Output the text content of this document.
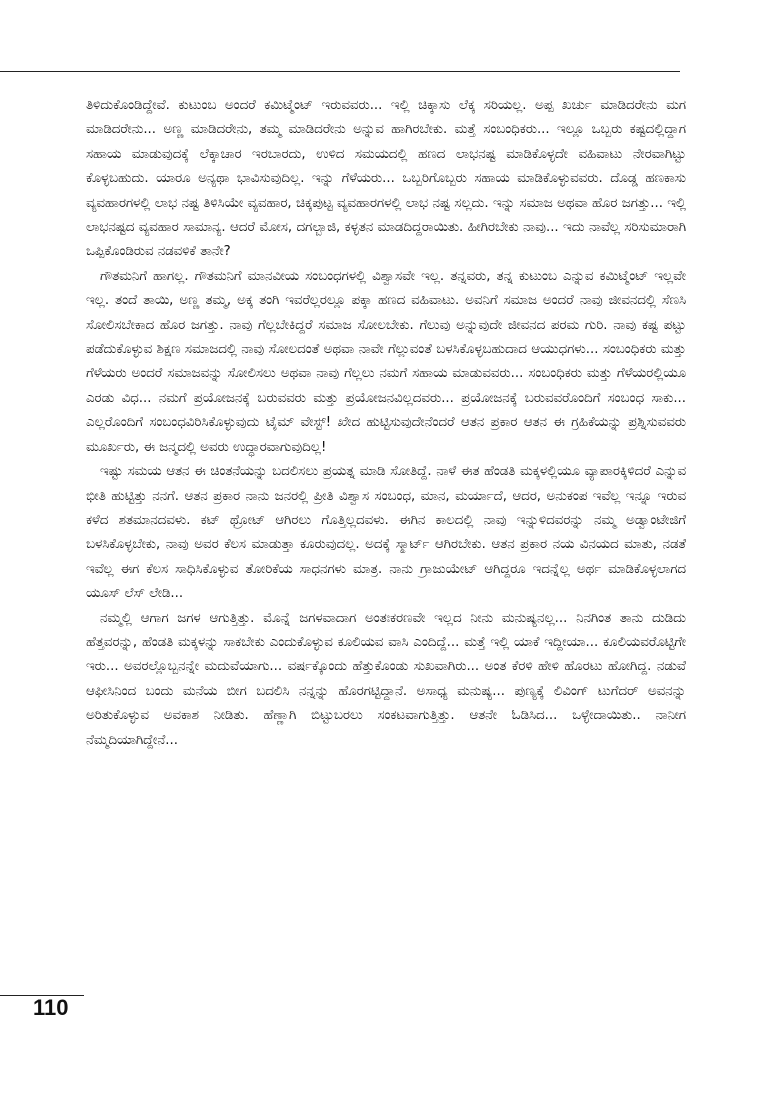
ತಿಳಿದುಕೊಂಡಿದ್ದೇವೆ. ಕುಟುಂಬ ಅಂದರೆ ಕಮಿಟ್ಮೆಂಟ್ ಇರುವವರು... ಇಲ್ಲಿ ಚಿಕ್ಕಾಸು ಲೆಕ್ಕ ಸರಿಯಲ್ಲ. ಅಪ್ಪ ಖರ್ಚು ಮಾಡಿದರೇನು ಮಗ ಮಾಡಿದರೇನು... ಅಣ್ಣ ಮಾಡಿದರೇನು, ತಮ್ಮ ಮಾಡಿದರೇನು ಅನ್ನುವ ಹಾಗಿರಬೇಕು. ಮತ್ತೆ ಸಂಬಂಧಿಕರು... ಇಲ್ಲೂ ಒಬ್ಬರು ಕಷ್ಟದಲ್ಲಿದ್ದಾಗ ಸಹಾಯ ಮಾಡುವುದಕ್ಕೆ ಲೆಕ್ಕಾಚಾರ ಇರಬಾರದು, ಉಳಿದ ಸಮಯದಲ್ಲಿ ಹಣದ ಲಾಭನಷ್ಟ ಮಾಡಿಕೊಳ್ಳದೇ ವಹಿವಾಟು ನೇರವಾಗಿಟ್ಟು ಕೊಳ್ಳಬಹುದು. ಯಾರೂ ಅನ್ಯಥಾ ಭಾವಿಸುವುದಿಲ್ಲ. ಇನ್ನು ಗೆಳೆಯರು... ಒಬ್ಬರಿಗೊಬ್ಬರು ಸಹಾಯ ಮಾಡಿಕೊಳ್ಳುವವರು. ದೊಡ್ಡ ಹಣಕಾಸು ವ್ಯವಹಾರಗಳಲ್ಲಿ ಲಾಭ ನಷ್ಟ ತಿಳಿಸಿಯೇ ವ್ಯವಹಾರ, ಚಿಕ್ಕಪುಟ್ಟ ವ್ಯವಹಾರಗಳಲ್ಲಿ ಲಾಭ ನಷ್ಟ ಸಲ್ಲದು. ಇನ್ನು ಸಮಾಜ ಅಥವಾ ಹೊರ ಜಗತ್ತು... ಇಲ್ಲಿ ಲಾಭನಷ್ಟದ ವ್ಯವಹಾರ ಸಾಮಾನ್ಯ. ಆದರೆ ಮೋಸ, ದಗಲ್ಬಾಜಿ, ಕಳ್ಳತನ ಮಾಡದಿದ್ದರಾಯಿತು. ಹೀಗಿರಬೇಕು ನಾವು... ಇದು ನಾವೆಲ್ಲ ಸರಿಸುಮಾರಾಗಿ ಒಪ್ಪಿಕೊಂಡಿರುವ ನಡವಳಿಕೆ ತಾನೇ?

ಗೌತಮನಿಗೆ ಹಾಗಲ್ಲ. ಗೌತಮನಿಗೆ ಮಾನವೀಯ ಸಂಬಂಧಗಳಲ್ಲಿ ವಿಶ್ವಾಸವೇ ಇಲ್ಲ. ತನ್ನವರು, ತನ್ನ ಕುಟುಂಬ ಎನ್ನುವ ಕಮಿಟ್ಮೆಂಟ್ ಇಲ್ಲವೇ ಇಲ್ಲ. ತಂದೆ ತಾಯಿ, ಅಣ್ಣ ತಮ್ಮ, ಅಕ್ಕ ತಂಗಿ ಇವರೆಲ್ಲರಲ್ಲೂ ಪಕ್ಕಾ ಹಣದ ವಹಿವಾಟು. ಅವನಿಗೆ ಸಮಾಜ ಅಂದರೆ ನಾವು ಜೀವನದಲ್ಲಿ ಸೆಣಸಿ ಸೋಲಿಸಬೇಕಾದ ಹೊರ ಜಗತ್ತು. ನಾವು ಗೆಲ್ಲಬೇಕಿದ್ದರೆ ಸಮಾಜ ಸೋಲಬೇಕು. ಗೆಲುವು ಅನ್ನುವುದೇ ಜೀವನದ ಪರಮ ಗುರಿ. ನಾವು ಕಷ್ಟ ಪಟ್ಟು ಪಡೆದುಕೊಳ್ಳುವ ಶಿಕ್ಷಣ ಸಮಾಜದಲ್ಲಿ ನಾವು ಸೋಲದಂತೆ ಅಥವಾ ನಾವೇ ಗೆಲ್ಲುವಂತೆ ಬಳಸಿಕೊಳ್ಳಬಹುದಾದ ಆಯುಧಗಳು... ಸಂಬಂಧಿಕರು ಮತ್ತು ಗೆಳೆಯರು ಅಂದರೆ ಸಮಾಜವನ್ನು ಸೋಲಿಸಲು ಅಥವಾ ನಾವು ಗೆಲ್ಲಲು ನಮಗೆ ಸಹಾಯ ಮಾಡುವವರು... ಸಂಬಂಧಿಕರು ಮತ್ತು ಗೆಳೆಯರಲ್ಲಿಯೂ ಎರಡು ವಿಧ... ನಮಗೆ ಪ್ರಯೋಜನಕ್ಕೆ ಬರುವವರು ಮತ್ತು ಪ್ರಯೋಜನವಿಲ್ಲದವರು... ಪ್ರಯೋಜನಕ್ಕೆ ಬರುವವರೊಂದಿಗೆ ಸಂಬಂಧ ಸಾಕು... ಎಲ್ಲರೊಂದಿಗೆ ಸಂಬಂಧವಿರಿಸಿಕೊಳ್ಳುವುದು ಟೈಮ್ ವೇಸ್ಟ್! ಖೇದ ಹುಟ್ಟಿಸುವುದೇನೆಂದರೆ ಆತನ ಪ್ರಕಾರ ಆತನ ಈ ಗ್ರಹಿಕೆಯನ್ನು ಪ್ರಶ್ನಿಸುವವರು ಮೂರ್ಖರು, ಈ ಜನ್ಮದಲ್ಲಿ ಅವರು ಉದ್ಧಾರವಾಗುವುದಿಲ್ಲ!

ಇಷ್ಟು ಸಮಯ ಆತನ ಈ ಚಿಂತನೆಯನ್ನು ಬದಲಿಸಲು ಪ್ರಯತ್ನ ಮಾಡಿ ಸೋತಿದ್ದೆ. ನಾಳೆ ಈತ ಹೆಂಡತಿ ಮಕ್ಕಳಲ್ಲಿಯೂ ವ್ಯಾಪಾರಕ್ಕಿಳಿದರೆ ಎನ್ನುವ ಭೀತಿ ಹುಟ್ಟಿತ್ತು ನನಗೆ. ಆತನ ಪ್ರಕಾರ ನಾನು ಜನರಲ್ಲಿ ಪ್ರೀತಿ ವಿಶ್ವಾಸ ಸಂಬಂಧ, ಮಾನ, ಮರ್ಯಾದೆ, ಆದರ, ಅನುಕಂಪ ಇವೆಲ್ಲ ಇನ್ನೂ ಇರುವ ಕಳೆದ ಶತಮಾನದವಳು. ಕಟ್ ಥ್ರೋಟ್ ಆಗಿರಲು ಗೊತ್ತಿಲ್ಲದವಳು. ಈಗಿನ ಕಾಲದಲ್ಲಿ ನಾವು ಇನ್ನುಳಿದವರನ್ನು ನಮ್ಮ ಅಡ್ವಾಂಟೇಜಿಗೆ ಬಳಸಿಕೊಳ್ಳಬೇಕು, ನಾವು ಅವರ ಕೆಲಸ ಮಾಡುತ್ತಾ ಕೂರುವುದಲ್ಲ. ಅದಕ್ಕೆ ಸ್ಮಾರ್ಟ್ ಆಗಿರಬೇಕು. ಆತನ ಪ್ರಕಾರ ನಯ ವಿನಯದ ಮಾತು, ನಡತೆ ಇವೆಲ್ಲ ಈಗ ಕೆಲಸ ಸಾಧಿಸಿಕೊಳ್ಳುವ ತೋರಿಕೆಯ ಸಾಧನಗಳು ಮಾತ್ರ. ನಾನು ಗ್ರಾಜುಯೇಟ್ ಆಗಿದ್ದರೂ ಇದನ್ನೆಲ್ಲ ಅರ್ಥ ಮಾಡಿಕೊಳ್ಳಲಾಗದ ಯೂಸ್ ಲೆಸ್ ಲೇಡಿ...

ನಮ್ಮಲ್ಲಿ ಆಗಾಗ ಜಗಳ ಆಗುತ್ತಿತ್ತು. ಮೊನ್ನೆ ಜಗಳವಾದಾಗ ಅಂತಃಕರಣವೇ ಇಲ್ಲದ ನೀನು ಮನುಷ್ಯನಲ್ಲ... ನಿನಗಿಂತ ತಾನು ದುಡಿದು ಹೆತ್ತವರನ್ನು, ಹೆಂಡತಿ ಮಕ್ಕಳನ್ನು ಸಾಕಬೇಕು ಎಂದುಕೊಳ್ಳುವ ಕೂಲಿಯವ ವಾಸಿ ಎಂದಿದ್ದೆ... ಮತ್ತೆ ಇಲ್ಲಿ ಯಾಕೆ ಇದ್ದೀಯಾ... ಕೂಲಿಯವರೊಟ್ಟಿಗೇ ಇರು... ಅವರಲ್ಲೊಬ್ಬನನ್ನೇ ಮದುವೆಯಾಗು... ವರ್ಷಕ್ಕೊಂದು ಹೆತ್ತುಕೊಂಡು ಸುಖವಾಗಿರು... ಅಂತ ಕೆರಳಿ ಹೇಳಿ ಹೊರಟು ಹೋಗಿದ್ದ. ನಡುವೆ ಆಫೀಸಿನಿಂದ ಬಂದು ಮನೆಯ ಬೀಗ ಬದಲಿಸಿ ನನ್ನನ್ನು ಹೊರಗಟ್ಟಿದ್ದಾನೆ. ಅಸಾಧ್ಯ ಮನುಷ್ಯ... ಪುಣ್ಯಕ್ಕೆ ಲಿವಿಂಗ್ ಟುಗೆದರ್ ಅವನನ್ನು ಅರಿತುಕೊಳ್ಳುವ ಅವಕಾಶ ನೀಡಿತು. ಹೆಣ್ಣಾಗಿ ಬಿಟ್ಟುಬರಲು ಸಂಕಟವಾಗುತ್ತಿತ್ತು. ಆತನೇ ಓಡಿಸಿದ... ಒಳ್ಳೇದಾಯಿತು.. ನಾನೀಗ ನೆಮ್ಮದಿಯಾಗಿದ್ದೇನೆ...

110
